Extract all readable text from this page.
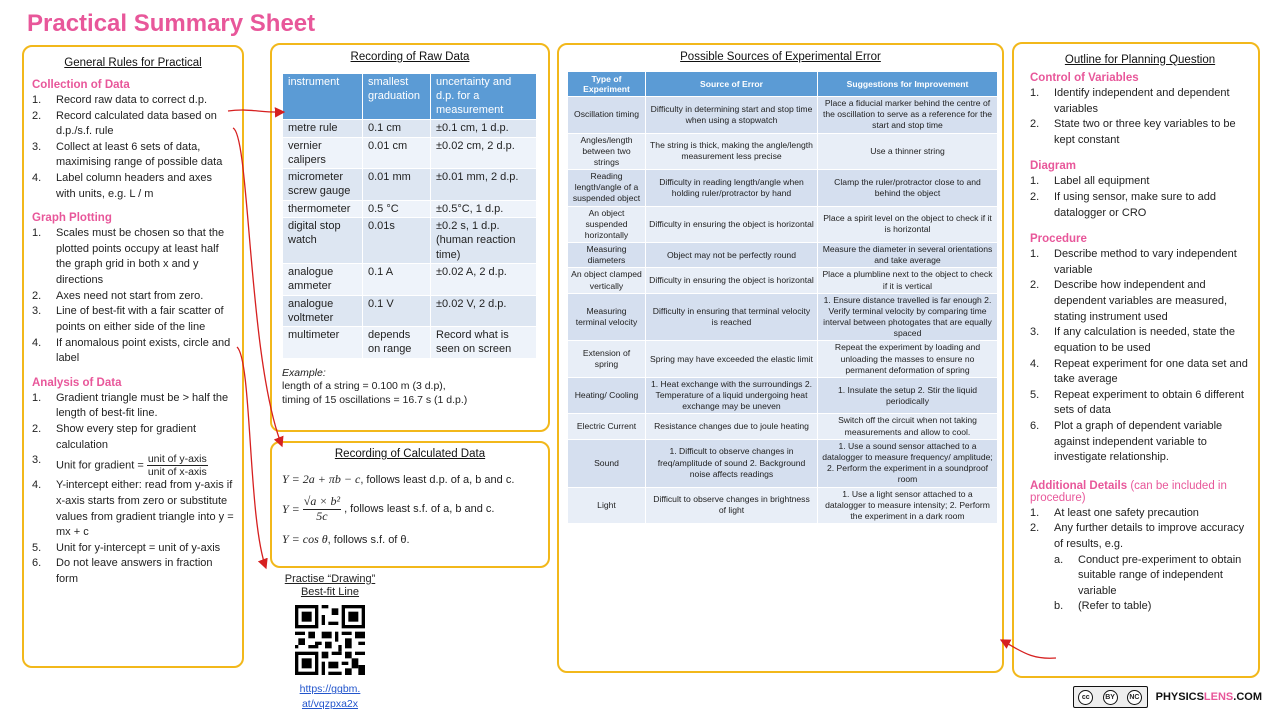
Practical Summary Sheet
General Rules for Practical
Collection of Data
1.	Record raw data to correct d.p.
2.	Record calculated data based on d.p./s.f. rule
3.	Collect at least 6 sets of data, maximising range of possible data
4.	Label column headers and axes with units, e.g. L / m
Graph Plotting
1.	Scales must be chosen so that the plotted points occupy at least half the graph grid in both x and y directions
2.	Axes need not start from zero.
3.	Line of best-fit with a fair scatter of points on either side of the line
4.	If anomalous point exists, circle and label
Analysis of Data
1.	Gradient triangle must be > half the length of best-fit line.
2.	Show every step for gradient calculation
3.	Unit for gradient = $\frac{\text{unit of y-axis}}{\text{unit of x-axis}}$
4.	Y-intercept either: read from y-axis if x-axis starts from zero or substitute values from gradient triangle into y = mx + c
5.	Unit for y-intercept = unit of y-axis
6.	Do not leave answers in fraction form
Recording of Raw Data
instrument	smallest graduation	uncertainty and d.p. for a measurement
metre rule	0.1 cm	±0.1 cm, 1 d.p.
vernier calipers	0.01 cm	±0.02 cm, 2 d.p.
micrometer screw gauge	0.01 mm	±0.01 mm, 2 d.p.
thermometer	0.5 °C	±0.5°C, 1 d.p.
digital stop watch	0.01s	±0.2 s, 1 d.p. (human reaction time)
analogue ammeter	0.1 A	±0.02 A, 2 d.p.
analogue voltmeter	0.1 V	±0.02 V, 2 d.p.
multimeter	depends on range	Record what is seen on screen
Example:
length of a string = 0.100 m (3 d.p),
timing of 15 oscillations = 16.7 s (1 d.p.)
Recording of Calculated Data
Y = 2a + πb − c, follows least d.p. of a, b and c.
$Y = \frac{\text{√a × b²}}{5c}$ , follows least s.f. of a, b and c.
Y = cos θ, follows s.f. of θ.
Practise “Drawing”
Best-fit Line
https://ggbm.
at/vqzpxa2x
Possible Sources of Experimental Error
Type of Experiment	Source of Error	Suggestions for Improvement
Oscillation timing	Difficulty in determining start and stop time when using a stopwatch	Place a fiducial marker behind the centre of the oscillation to serve as a reference for the start and stop time
Angles/length between two strings	The string is thick, making the angle/length measurement less precise	Use a thinner string
Reading length/angle of a suspended object	Difficulty in reading length/angle when holding ruler/protractor by hand	Clamp the ruler/protractor close to and behind the object
An object suspended horizontally	Difficulty in ensuring the object is horizontal	Place a spirit level on the object to check if it is horizontal
Measuring diameters	Object may not be perfectly round	Measure the diameter in several orientations and take average
An object clamped vertically	Difficulty in ensuring the object is horizontal	Place a plumbline next to the object to check if it is vertical
Measuring terminal velocity	Difficulty in ensuring that terminal velocity is reached	1. Ensure distance travelled is far enough 2. Verify terminal velocity by comparing time interval between photogates that are equally spaced
Extension of spring	Spring may have exceeded the elastic limit	Repeat the experiment by loading and unloading the masses to ensure no permanent deformation of spring
Heating/ Cooling	1. Heat exchange with the surroundings 2. Temperature of a liquid undergoing heat exchange may be uneven	1. Insulate the setup 2. Stir the liquid periodically
Electric Current	Resistance changes due to joule heating	Switch off the circuit when not taking measurements and allow to cool.
Sound	1. Difficult to observe changes in freq/amplitude of sound 2. Background noise affects readings	1. Use a sound sensor attached to a datalogger to measure frequency/ amplitude; 2. Perform the experiment in a soundproof room
Light	Difficult to observe changes in brightness of light	1. Use a light sensor attached to a datalogger to measure intensity; 2. Perform the experiment in a dark room
Outline for Planning Question
Control of Variables
1.	Identify independent and dependent variables
2.	State two or three key variables to be kept constant
Diagram
1.	Label all equipment
2.	If using sensor, make sure to add datalogger or CRO
Procedure
1.	Describe method to vary independent variable
2.	Describe how independent and dependent variables are measured, stating instrument used
3.	If any calculation is needed, state the equation to be used
4.	Repeat experiment for one data set and take average
5.	Repeat experiment to obtain 6 different sets of data
6.	Plot a graph of dependent variable against independent variable to investigate relationship.
Additional Details (can be included in procedure)
1.	At least one safety precaution
2.	Any further details to improve accuracy of results, e.g.
a.	Conduct pre-experiment to obtain suitable range of independent variable
b.	(Refer to table)
cc	BY	NC PHYSICSLENS.COM
